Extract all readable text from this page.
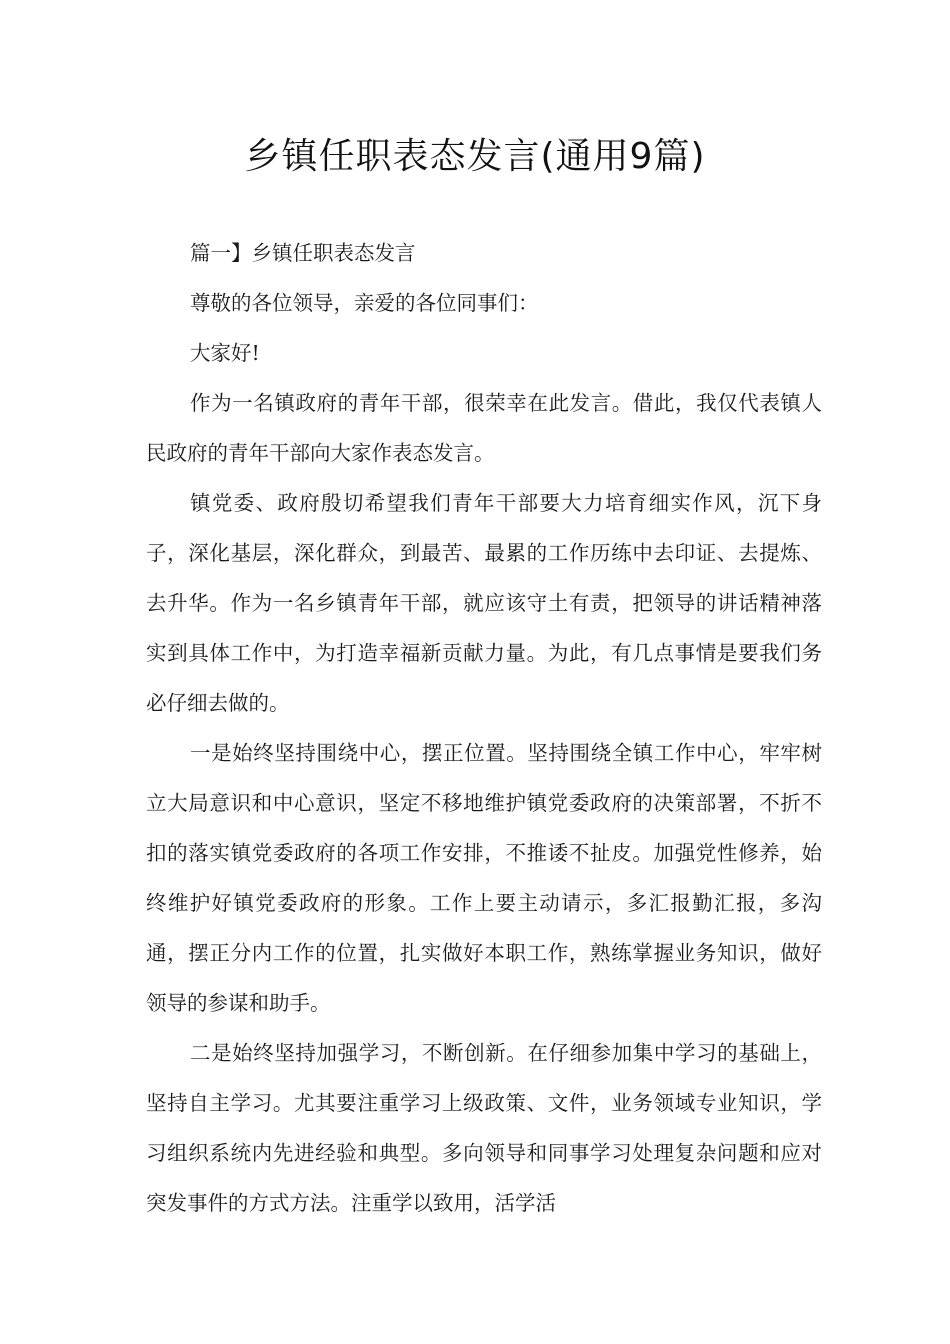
乡镇任职表态发言(通用9篇)

篇一】乡镇任职表态发言

尊敬的各位领导，亲爱的各位同事们：

大家好!

作为一名镇政府的青年干部，很荣幸在此发言。借此，我仅代表镇人民政府的青年干部向大家作表态发言。

镇党委、政府殷切希望我们青年干部要大力培育细实作风，沉下身子，深化基层，深化群众，到最苦、最累的工作历练中去印证、去提炼、去升华。作为一名乡镇青年干部，就应该守土有责，把领导的讲话精神落实到具体工作中，为打造幸福新贡献力量。为此，有几点事情是要我们务必仔细去做的。

一是始终坚持围绕中心，摆正位置。坚持围绕全镇工作中心，牢牢树立大局意识和中心意识，坚定不移地维护镇党委政府的决策部署，不折不扣的落实镇党委政府的各项工作安排，不推诿不扯皮。加强党性修养，始终维护好镇党委政府的形象。工作上要主动请示，多汇报勤汇报，多沟通，摆正分内工作的位置，扎实做好本职工作，熟练掌握业务知识，做好领导的参谋和助手。

二是始终坚持加强学习，不断创新。在仔细参加集中学习的基础上，坚持自主学习。尤其要注重学习上级政策、文件，业务领域专业知识，学习组织系统内先进经验和典型。多向领导和同事学习处理复杂问题和应对突发事件的方式方法。注重学以致用，活学活
